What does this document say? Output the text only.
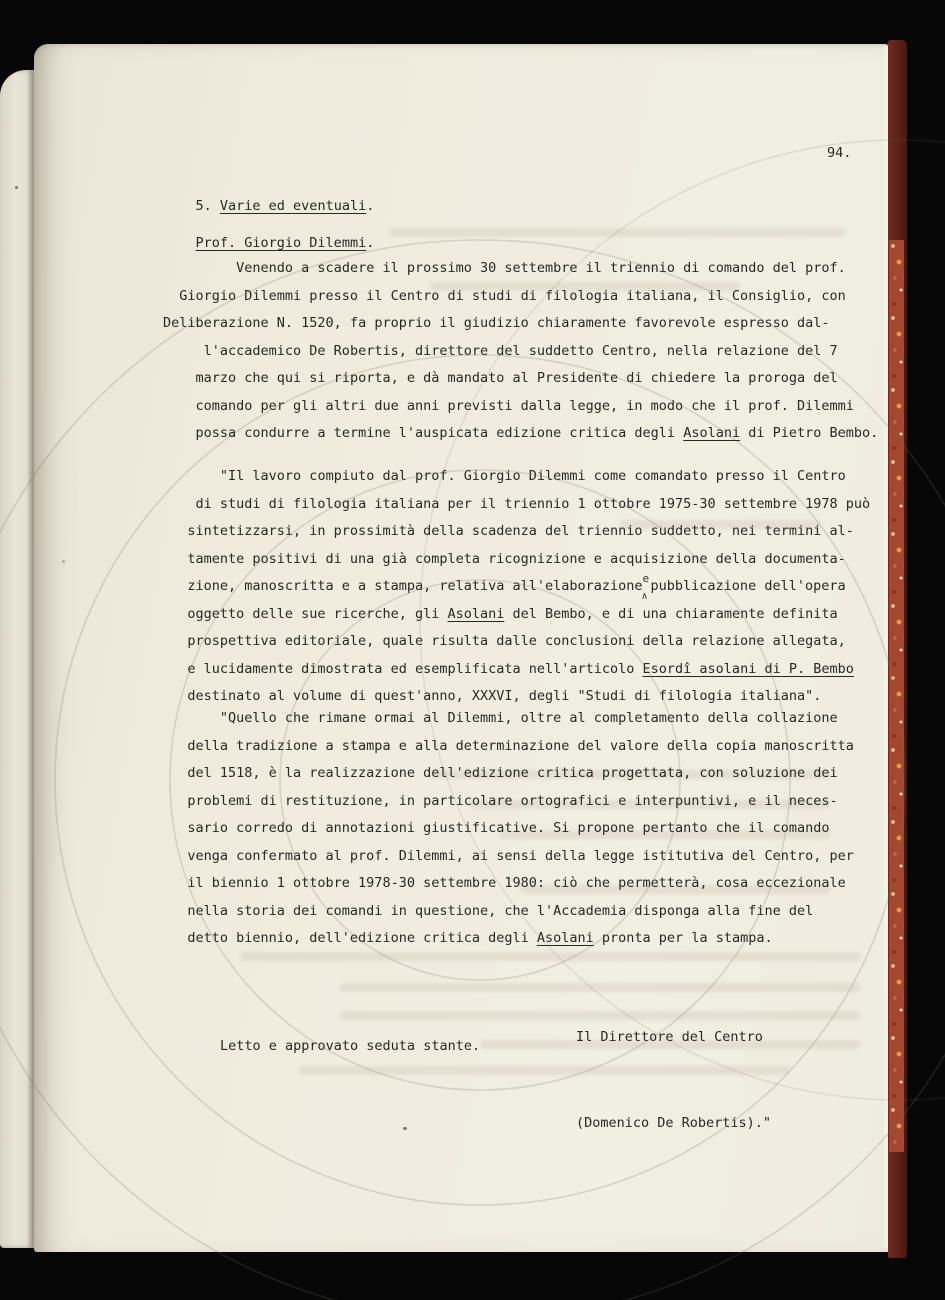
94.
5. Varie ed eventuali.
Prof. Giorgio Dilemmi.
Venendo a scadere il prossimo 30 settembre il triennio di comando del prof.
Giorgio Dilemmi presso il Centro di studi di filologia italiana, il Consiglio, con
Deliberazione N. 1520, fa proprio il giudizio chiaramente favorevole espresso dal-
l'accademico De Robertis, direttore del suddetto Centro, nella relazione del 7
marzo che qui si riporta, e dà mandato al Presidente di chiedere la proroga del
comando per gli altri due anni previsti dalla legge, in modo che il prof. Dilemmi
possa condurre a termine l'auspicata edizione critica degli Asolani di Pietro Bembo.
"Il lavoro compiuto dal prof. Giorgio Dilemmi come comandato presso il Centro
di studi di filologia italiana per il triennio 1 ottobre 1975-30 settembre 1978 può
sintetizzarsi, in prossimità della scadenza del triennio suddetto, nei termini al-
tamente positivi di una già completa ricognizione e acquisizione della documenta-
zione, manoscritta e a stampa, relativa all'elaborazione e
∧
pubblicazione dell'opera
oggetto delle sue ricerche, gli Asolani del Bembo, e di una chiaramente definita
prospettiva editoriale, quale risulta dalle conclusioni della relazione allegata,
e lucidamente dimostrata ed esemplificata nell'articolo Esordî asolani di P. Bembo
destinato al volume di quest'anno, XXXVI, degli "Studi di filologia italiana".
"Quello che rimane ormai al Dilemmi, oltre al completamento della collazione
della tradizione a stampa e alla determinazione del valore della copia manoscritta
del 1518, è la realizzazione dell'edizione critica progettata, con soluzione dei
problemi di restituzione, in particolare ortografici e interpuntivi, e il neces-
sario corredo di annotazioni giustificative. Si propone pertanto che il comando
venga confermato al prof. Dilemmi, ai sensi della legge istitutiva del Centro, per
il biennio 1 ottobre 1978-30 settembre 1980: ciò che permetterà, cosa eccezionale
nella storia dei comandi in questione, che l'Accademia disponga alla fine del
detto biennio, dell'edizione critica degli Asolani pronta per la stampa.

Il Direttore del Centro

(Domenico De Robertis)."

Letto e approvato seduta stante.
